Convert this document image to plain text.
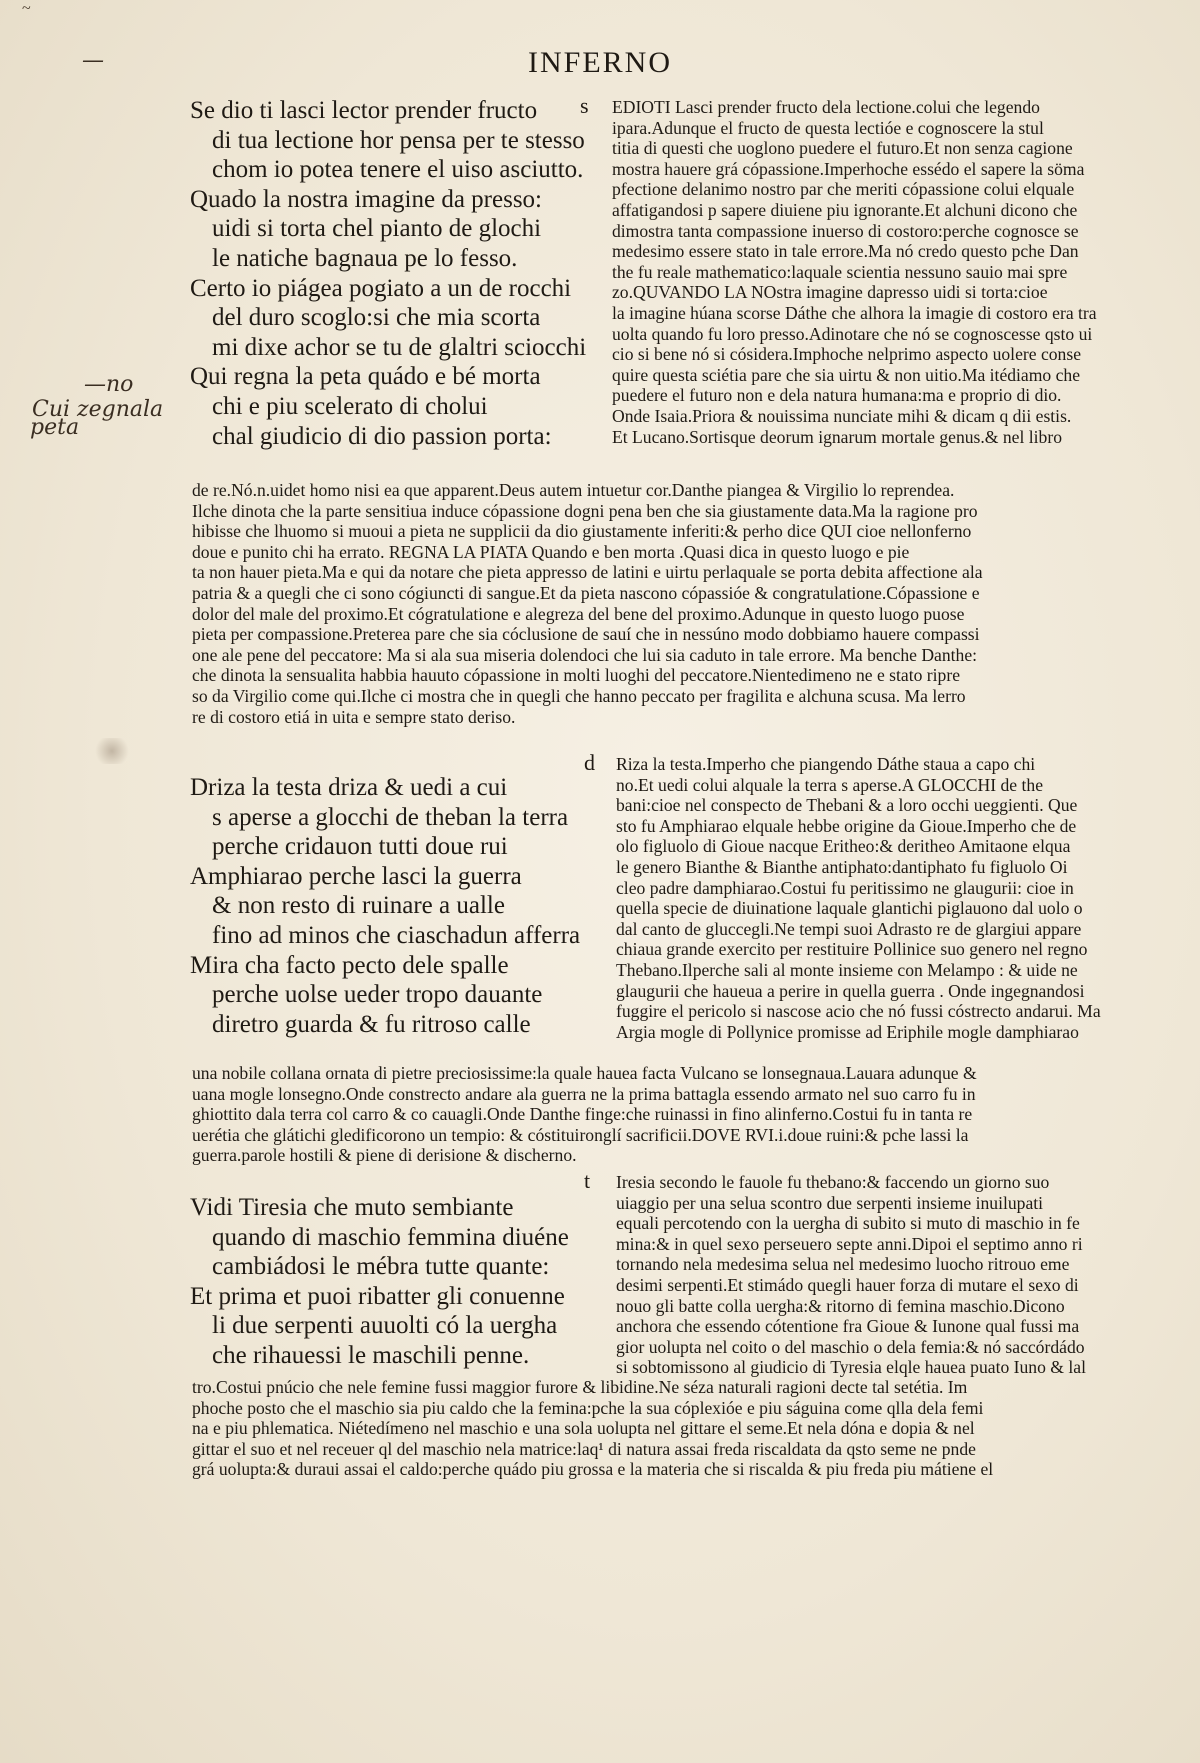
~
INFERNO
—
—no
Cui zegnala
peta
Se dio ti lasci lector prender fructo
di tua lectione hor pensa per te stesso
chom io potea tenere el uiso asciutto.
Quado la nostra imagine da presso:
uidi si torta chel pianto de glochi
le natiche bagnaua pe lo fesso.
Certo io piágea pogiato a un de rocchi
del duro scoglo:si che mia scorta
mi dixe achor se tu de glaltri sciocchi
Qui regna la peta quádo e bé morta
chi e piu scelerato di cholui
chal giudicio di dio passion porta:
s EDIOTI Lasci prender fructo dela lectione.colui che legendo
ipara.Adunque el fructo de questa lectióe e cognoscere la stul
titia di questi che uoglono puedere el futuro.Et non senza cagione
mostra hauere grá cópassione.Imperhoche essédo el sapere la söma
pfectione delanimo nostro par che meriti cópassione colui elquale
affatigandosi p sapere diuiene piu ignorante.Et alchuni dicono che
dimostra tanta compassione inuerso di costoro:perche cognosce se
medesimo essere stato in tale errore.Ma nó credo questo pche Dan
the fu reale mathematico:laquale scientia nessuno sauio mai spre
zo.QUVANDO LA NOstra imagine dapresso uidi si torta:cioe
la imagine húana scorse Dáthe che alhora la imagie di costoro era tra
uolta quando fu loro presso.Adinotare che nó se cognoscesse qsto ui
cio si bene nó si cósidera.Imphoche nelprimo aspecto uolere conse
quire questa sciétia pare che sia uirtu & non uitio.Ma itédiamo che
puedere el futuro non e dela natura humana:ma e proprio di dio.
Onde Isaia.Priora & nouissima nunciate mihi & dicam q dii estis.
Et Lucano.Sortisque deorum ignarum mortale genus.& nel libro
de re.Nó.n.uidet homo nisi ea que apparent.Deus autem intuetur cor.Danthe piangea & Virgilio lo reprendea.
Ilche dinota che la parte sensitiua induce cópassione dogni pena ben che sia giustamente data.Ma la ragione pro
hibisse che lhuomo si muoui a pieta ne supplicii da dio giustamente inferiti:& perho dice QUI cioe nellonferno
doue e punito chi ha errato. REGNA LA PIATA Quando e ben morta .Quasi dica in questo luogo e pie
ta non hauer pieta.Ma e qui da notare che pieta appresso de latini e uirtu perlaquale se porta debita affectione ala
patria & a quegli che ci sono cógiuncti di sangue.Et da pieta nascono cópassióe & congratulatione.Cópassione e
dolor del male del proximo.Et cógratulatione e alegreza del bene del proximo.Adunque in questo luogo puose
pieta per compassione.Preterea pare che sia cóclusione de sauí che in nessúno modo dobbiamo hauere compassi
one ale pene del peccatore: Ma si ala sua miseria dolendoci che lui sia caduto in tale errore. Ma benche Danthe:
che dinota la sensualita habbia hauuto cópassione in molti luoghi del peccatore.Nientedimeno ne e stato ripre
so da Virgilio come qui.Ilche ci mostra che in quegli che hanno peccato per fragilita e alchuna scusa. Ma lerro
re di costoro etiá in uita e sempre stato deriso.
Driza la testa driza & uedi a cui
s aperse a glocchi de theban la terra
perche cridauon tutti doue rui
Amphiarao perche lasci la guerra
& non resto di ruinare a ualle
fino ad minos che ciaschadun afferra
Mira cha facto pecto dele spalle
perche uolse ueder tropo dauante
diretro guarda & fu ritroso calle
d Riza la testa.Imperho che piangendo Dáthe staua a capo chi
no.Et uedi colui alquale la terra s aperse.A GLOCCHI de the
bani:cioe nel conspecto de Thebani & a loro occhi ueggienti. Que
sto fu Amphiarao elquale hebbe origine da Gioue.Imperho che de
olo figluolo di Gioue nacque Eritheo:& deritheo Amitaone elqua
le genero Bianthe & Bianthe antiphato:dantiphato fu figluolo Oi
cleo padre damphiarao.Costui fu peritissimo ne glaugurii: cioe in
quella specie de diuinatione laquale glantichi piglauono dal uolo o
dal canto de gluccegli.Ne tempi suoi Adrasto re de glargiui appare
chiaua grande exercito per restituire Pollinice suo genero nel regno
Thebano.Ilperche sali al monte insieme con Melampo : & uide ne
glaugurii che haueua a perire in quella guerra . Onde ingegnandosi
fuggire el pericolo si nascose acio che nó fussi cóstrecto andarui. Ma
Argia mogle di Pollynice promisse ad Eriphile mogle damphiarao
una nobile collana ornata di pietre preciosissime:la quale hauea facta Vulcano se lonsegnaua.Lauara adunque &
uana mogle lonsegno.Onde constrecto andare ala guerra ne la prima battagla essendo armato nel suo carro fu in
ghiottito dala terra col carro & co cauagli.Onde Danthe finge:che ruinassi in fino alinferno.Costui fu in tanta re
uerétia che glátichi gledificorono un tempio: & cóstituironglí sacrificii.DOVE RVI.i.doue ruini:& pche lassi la
guerra.parole hostili & piene di derisione & discherno.
Vidi Tiresia che muto sembiante
quando di maschio femmina diuéne
cambiádosi le mébra tutte quante:
Et prima et puoi ribatter gli conuenne
li due serpenti auuolti có la uergha
che rihauessi le maschili penne.
t Iresia secondo le fauole fu thebano:& faccendo un giorno suo
uiaggio per una selua scontro due serpenti insieme inuilupati
equali percotendo con la uergha di subito si muto di maschio in fe
mina:& in quel sexo perseuero septe anni.Dipoi el septimo anno ri
tornando nela medesima selua nel medesimo luocho ritrouo eme
desimi serpenti.Et stimádo quegli hauer forza di mutare el sexo di
nouo gli batte colla uergha:& ritorno di femina maschio.Dicono
anchora che essendo cótentione fra Gioue & Iunone qual fussi ma
gior uolupta nel coito o del maschio o dela femia:& nó saccórdádo
si sobtomissono al giudicio di Tyresia elqle hauea puato Iuno & lal
tro.Costui pnúcio che nele femine fussi maggior furore & libidine.Ne séza naturali ragioni decte tal setétia. Im
phoche posto che el maschio sia piu caldo che la femina:pche la sua cóplexióe e piu ságuina come qlla dela femi
na e piu phlematica. Niétedímeno nel maschio e una sola uolupta nel gittare el seme.Et nela dóna e dopia & nel
gittar el suo et nel receuer ql del maschio nela matrice:laq¹ di natura assai freda riscaldata da qsto seme ne pnde
grá uolupta:& duraui assai el caldo:perche quádo piu grossa e la materia che si riscalda & piu freda piu mátiene el
